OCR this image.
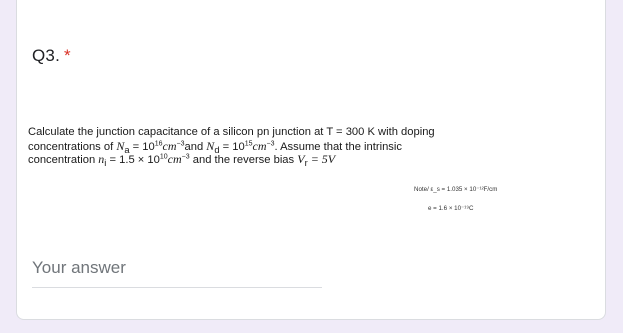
Q3. *
Calculate the junction capacitance of a silicon pn junction at T = 300 K with doping
concentrations of $N_a = 10^{16}cm^{-3}and$ $N_d = 10^{15}cm^{-3}$. Assume that the intrinsic
concentration $n_i = 1.5 \times 10^{10}cm^{-3}$ and the reverse bias $V_r = 5V$
Note/ ε_s = 1.035 × 10⁻¹²F/cm
e = 1.6 × 10⁻¹⁹C
Your answer
